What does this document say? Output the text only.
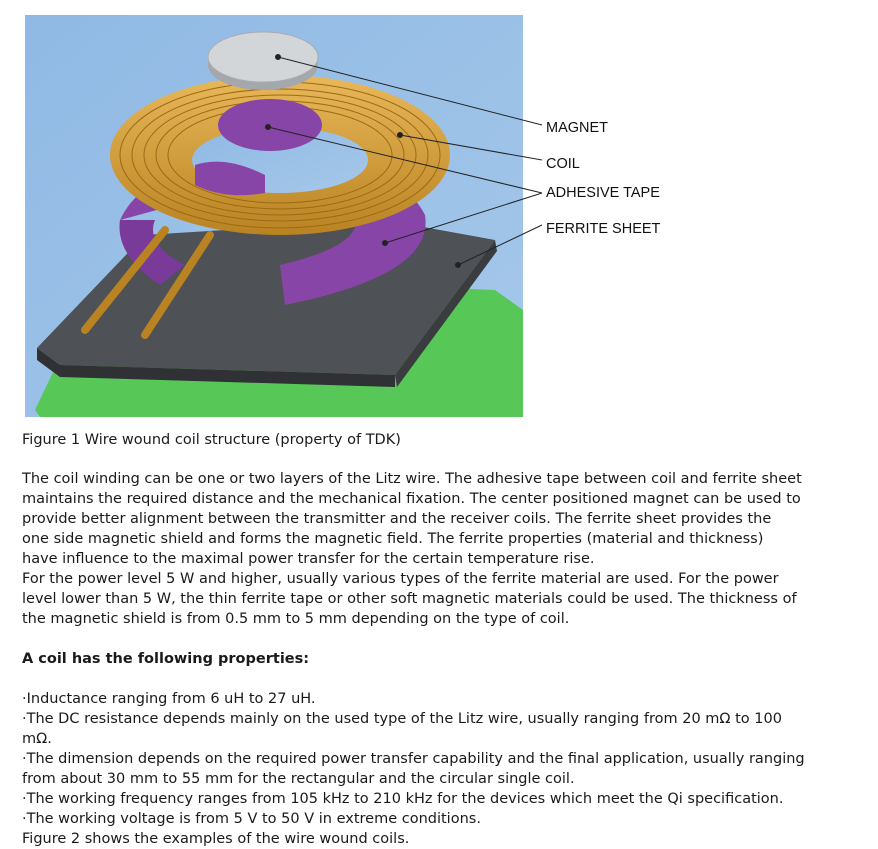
MAGNET
COIL
ADHESIVE TAPE
FERRITE SHEET
Figure 1 Wire wound coil structure (property of TDK)
The coil winding can be one or two layers of the Litz wire. The adhesive tape between coil and ferrite sheet maintains the required distance and the mechanical fixation. The center positioned magnet can be used to provide better alignment between the transmitter and the receiver coils. The ferrite sheet provides the one side magnetic shield and forms the magnetic field. The ferrite properties (material and thickness) have influence to the maximal power transfer for the certain temperature rise.
For the power level 5 W and higher, usually various types of the ferrite material are used. For the power level lower than 5 W, the thin ferrite tape or other soft magnetic materials could be used. The thickness of the magnetic shield is from 0.5 mm to 5 mm depending on the type of coil.
A coil has the following properties:
· Inductance ranging from 6 uH to 27 uH.
· The DC resistance depends mainly on the used type of the Litz wire, usually ranging from 20 mΩ to 100 mΩ.
· The dimension depends on the required power transfer capability and the final application, usually ranging from about 30 mm to 55 mm for the rectangular and the circular single coil.
· The working frequency ranges from 105 kHz to 210 kHz for the devices which meet the Qi specification.
· The working voltage is from 5 V to 50 V in extreme conditions.
Figure 2 shows the examples of the wire wound coils.
